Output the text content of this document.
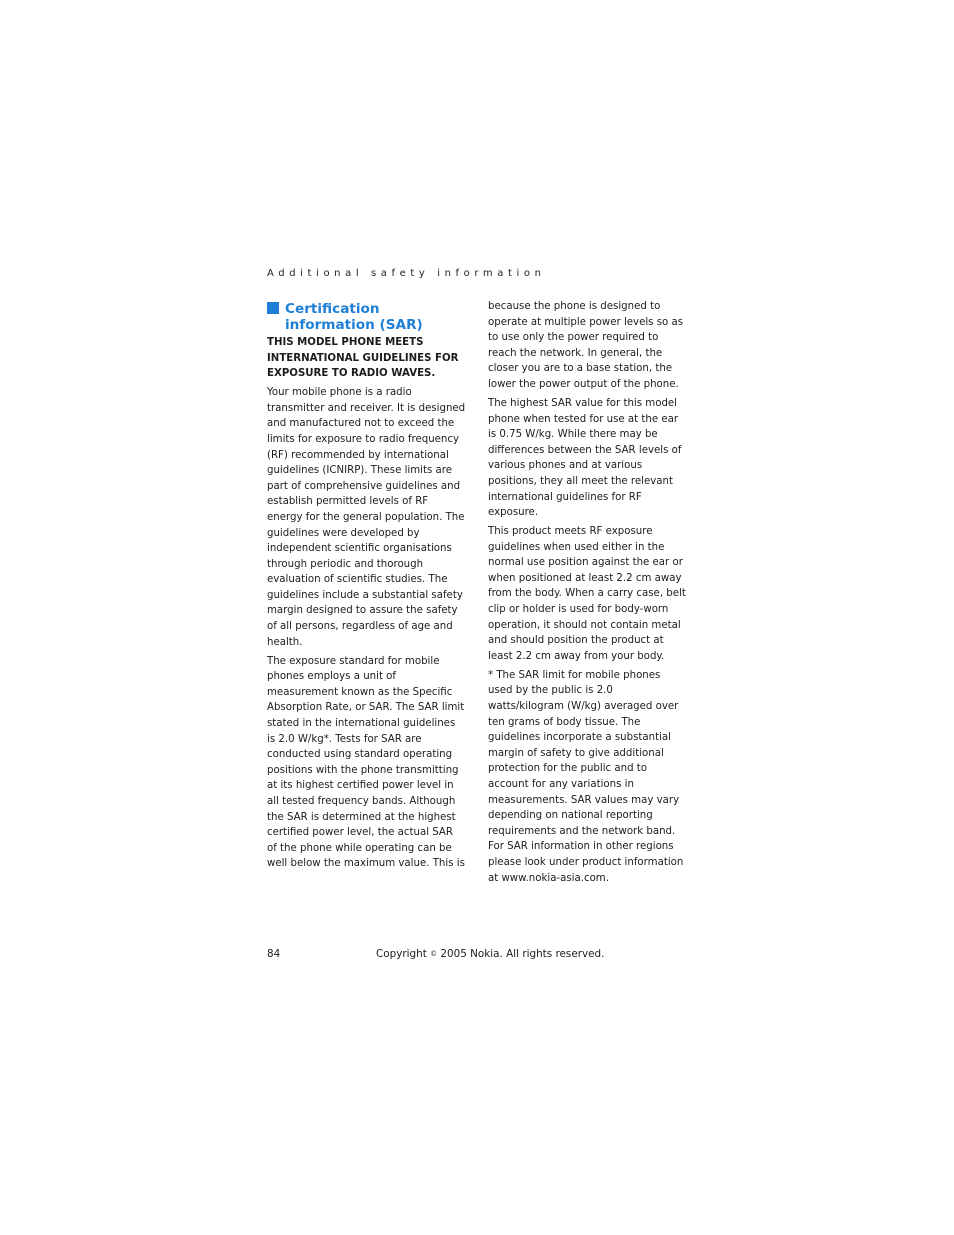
Additional safety information
Certification information (SAR)

THIS MODEL PHONE MEETS INTERNATIONAL GUIDELINES FOR EXPOSURE TO RADIO WAVES.

Your mobile phone is a radio transmitter and receiver. It is designed and manufactured not to exceed the limits for exposure to radio frequency (RF) recommended by international guidelines (ICNIRP). These limits are part of comprehensive guidelines and establish permitted levels of RF energy for the general population. The guidelines were developed by independent scientific organisations through periodic and thorough evaluation of scientific studies. The guidelines include a substantial safety margin designed to assure the safety of all persons, regardless of age and health.

The exposure standard for mobile phones employs a unit of measurement known as the Specific Absorption Rate, or SAR. The SAR limit stated in the international guidelines is 2.0 W/kg*. Tests for SAR are conducted using standard operating positions with the phone transmitting at its highest certified power level in all tested frequency bands. Although the SAR is determined at the highest certified power level, the actual SAR of the phone while operating can be well below the maximum value. This is

because the phone is designed to operate at multiple power levels so as to use only the power required to reach the network. In general, the closer you are to a base station, the lower the power output of the phone.

The highest SAR value for this model phone when tested for use at the ear is 0.75 W/kg. While there may be differences between the SAR levels of various phones and at various positions, they all meet the relevant international guidelines for RF exposure.

This product meets RF exposure guidelines when used either in the normal use position against the ear or when positioned at least 2.2 cm away from the body. When a carry case, belt clip or holder is used for body-worn operation, it should not contain metal and should position the product at least 2.2 cm away from your body.

* The SAR limit for mobile phones used by the public is 2.0 watts/kilogram (W/kg) averaged over ten grams of body tissue. The guidelines incorporate a substantial margin of safety to give additional protection for the public and to account for any variations in measurements. SAR values may vary depending on national reporting requirements and the network band. For SAR information in other regions please look under product information at www.nokia-asia.com.

84	Copyright © 2005 Nokia. All rights reserved.
